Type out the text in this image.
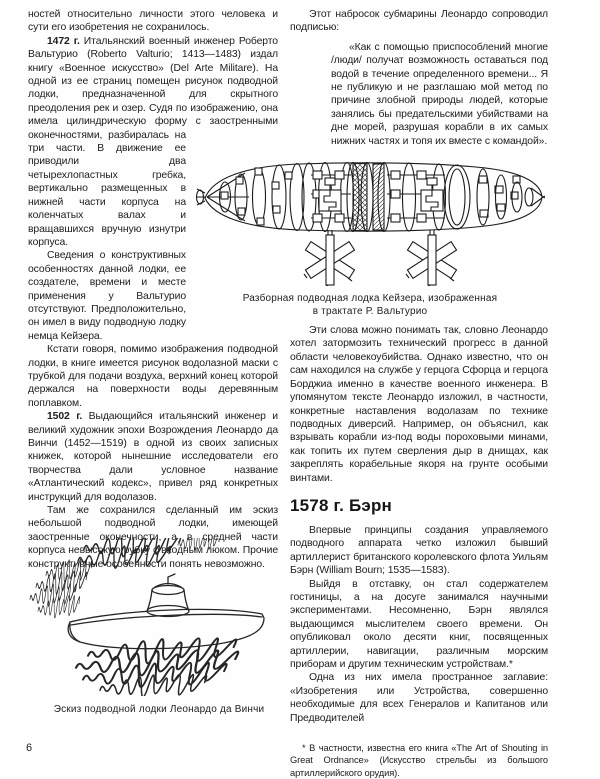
ностей относительно личности этого человека и сути его изобретения не сохранилось.

1472 г. Итальянский военный инженер Роберто Вальтурио (Roberto Valturio; 1413—1483) издал книгу «Военное искусство» (Del Arte Militare). На одной из ее страниц помещен рисунок подводной лодки, предназначенной для скрытного преодоления рек и озер. Судя по изображению, она имела цилиндрическую форму с заостренными оконечностями,
разбиралась на три части. В движение ее приводили два четырехлопастных гребка, вертикально размещенных в нижней части корпуса на коленчатых валах и вращавшихся вручную изнутри корпуса.

Сведения о конструктивных особенностях данной лодки, ее создателе, времени и месте применения у Вальтурио отсутствуют. Предположительно, он имел в виду подводную лодку немца Кейзера.

Кстати говоря, помимо изображения подводной лодки, в книге имеется рисунок водолазной маски с трубкой для подачи воздуха, верхний конец которой держался на поверхности воды деревянным поплавком.

1502 г. Выдающийся итальянский инженер и великий художник эпохи Возрождения Леонардо да Винчи (1452—1519) в одной из своих записных книжек, которой нынешние исследователи его творчества дали условное название «Атлантический кодекс», привел ряд конкретных инструкций для водолазов.

Там же сохранился сделанный им эскиз небольшой подводной лодки, имеющей заостренные оконечности, а в средней части корпуса невысокую рубку с входным люком. Прочие конструктивные особенности понять невозможно.

Этот набросок субмарины Леонардо сопроводил подписью:

«Как с помощью приспособлений многие /люди/ получат возможность оставаться под водой в течение определенного времени... Я не публикую и не разглашаю мой метод по причине злобной природы людей, которые занялись бы предательскими убийствами на дне морей, разрушая корабли в их самых нижних частях и топя их вместе с командой».

Эти слова можно понимать так, словно Леонардо хотел затормозить технический прогресс в данной области человекоубийства. Однако известно, что он сам находился на службе у герцога Сфорца и герцога Борджиа именно в качестве военного инженера. В упомянутом тексте Леонардо изложил, в частности, конкретные наставления водолазам по технике подводных диверсий. Например, он объяснил, как взрывать корабли из-под воды пороховыми минами, как топить их путем сверления дыр в днищах, как закреплять корабельные якоря на грунте особыми винтами.

1578 г. Бэрн

Впервые принципы создания управляемого подводного аппарата четко изложил бывший артиллерист британского королевского флота Уильям Бэрн (William Bourn; 1535—1583).

Выйдя в отставку, он стал содержателем гостиницы, а на досуге занимался научными экспериментами. Несомненно, Бэрн являлся выдающимся мыслителем своего времени. Он опубликовал около десяти книг, посвященных артиллерии, навигации, различным морским приборам и другим техническим устройствам.*

Одна из них имела пространное заглавие: «Изобретения или Устройства, совершенно необходимые для всех Генералов и Капитанов или Предводителей

* В частности, известна его книга «The Art of Shouting in Great Ordnance» (Искусство стрельбы из большого артиллерийского орудия).

Разборная подводная лодка Кейзера, изображенная
в трактате Р. Вальтурио
Эскиз подводной лодки Леонардо да Винчи
6
